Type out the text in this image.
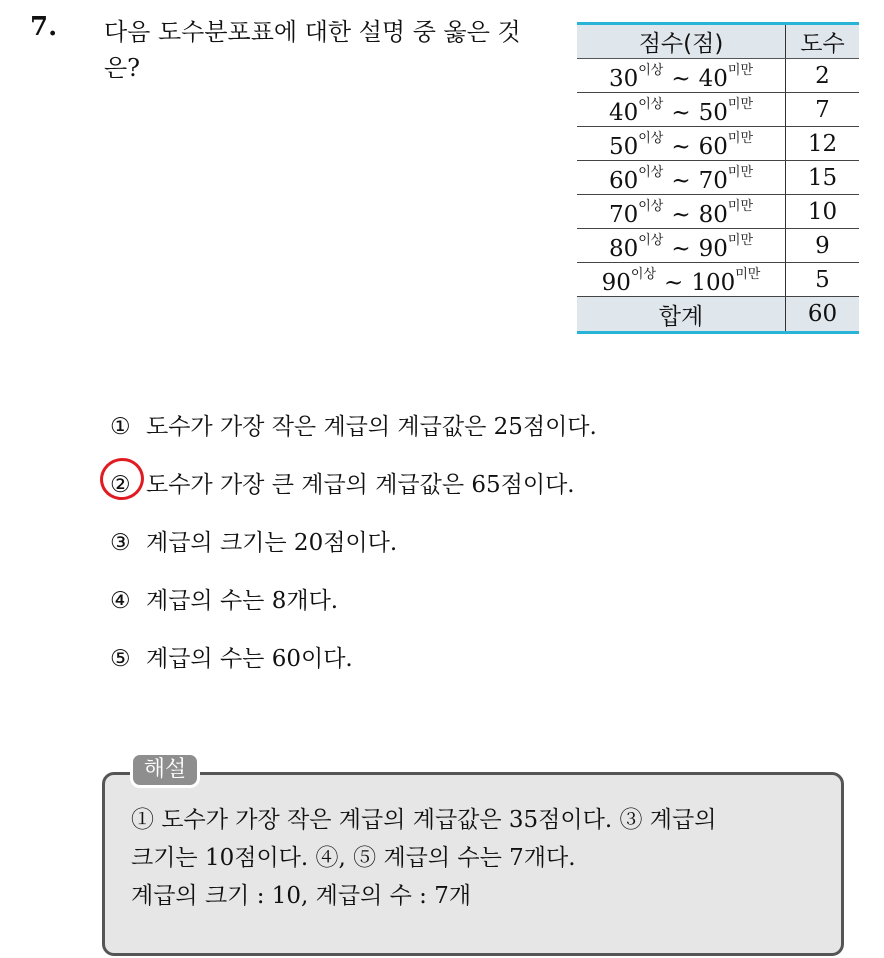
7. 다음 도수분포표에 대한 설명 중 옳은 것은?
점수(점)	도수
$30^{이상}$ ~ $40^{미만}$	2
$40^{이상}$ ~ $50^{미만}$	7
$50^{이상}$ ~ $60^{미만}$	12
$60^{이상}$ ~ $70^{미만}$	15
$70^{이상}$ ~ $80^{미만}$	10
$80^{이상}$ ~ $90^{미만}$	9
$90^{이상}$ ~ $100^{미만}$	5
합계	60
① 도수가 가장 작은 계급의 계급값은 25점이다.
② 도수가 가장 큰 계급의 계급값은 65점이다.
③ 계급의 크기는 20점이다.
④ 계급의 수는 8개다.
⑤ 계급의 수는 60이다.
① 도수가 가장 작은 계급의 계급값은 35점이다. ③ 계급의
크기는 10점이다. ④, ⑤ 계급의 수는 7개다.
계급의 크기 : 10, 계급의 수 : 7개
해설
